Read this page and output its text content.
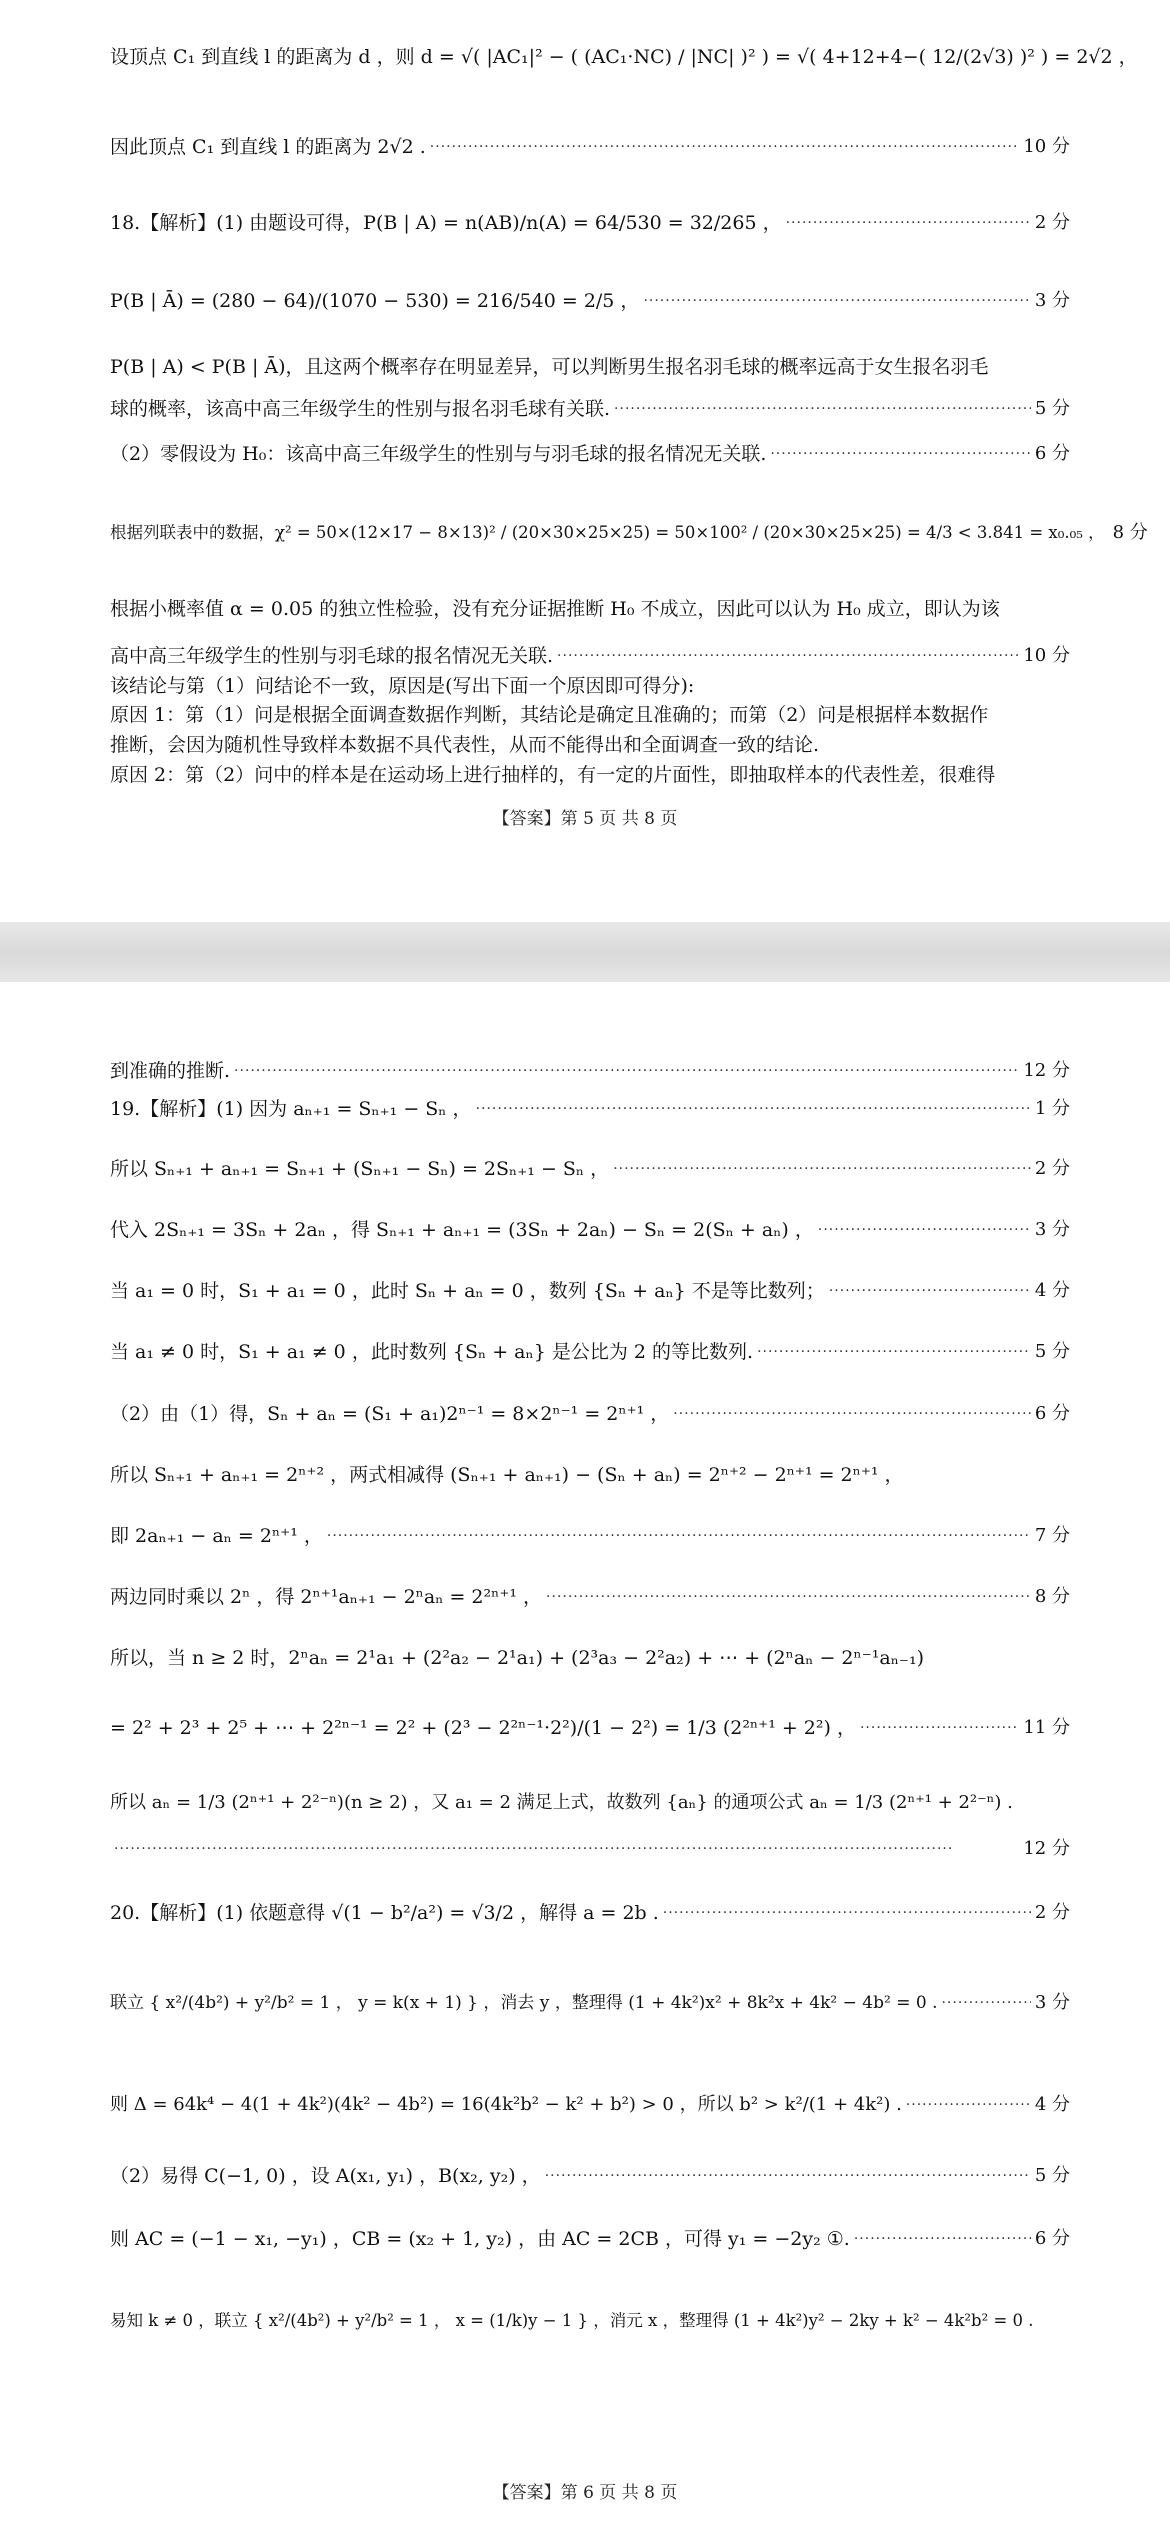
设顶点 C₁ 到直线 l 的距离为 d ，则 d = √( |AC₁|² − ( (AC₁·NC) / |NC| )² ) = √( 4+12+4−( 12/(2√3) )² ) = 2√2 ，
因此顶点 C₁ 到直线 l 的距离为 2√2 . ·····	10 分
18.【解析】(1) 由题设可得，P(B | A) = n(AB)/n(A) = 64/530 = 32/265 ， ·····	2 分
P(B | Ā) = (280 − 64)/(1070 − 530) = 216/540 = 2/5 ， ·····	3 分
P(B | A) < P(B | Ā)，且这两个概率存在明显差异，可以判断男生报名羽毛球的概率远高于女生报名羽毛
球的概率，该高中高三年级学生的性别与报名羽毛球有关联. ·····	5 分
（2）零假设为 H₀：该高中高三年级学生的性别与与羽毛球的报名情况无关联. ·····	6 分
根据列联表中的数据，χ² = 50×(12×17 − 8×13)² / (20×30×25×25) = 50×100² / (20×30×25×25) = 4/3 < 3.841 = x₀.₀₅ ， 8 分
根据小概率值 α = 0.05 的独立性检验，没有充分证据推断 H₀ 不成立，因此可以认为 H₀ 成立，即认为该
高中高三年级学生的性别与羽毛球的报名情况无关联. ·····	10 分
该结论与第（1）问结论不一致，原因是(写出下面一个原因即可得分):
原因 1：第（1）问是根据全面调查数据作判断，其结论是确定且准确的；而第（2）问是根据样本数据作
推断，会因为随机性导致样本数据不具代表性，从而不能得出和全面调查一致的结论.
原因 2：第（2）问中的样本是在运动场上进行抽样的，有一定的片面性，即抽取样本的代表性差，很难得
【答案】第 5 页 共 8 页
到准确的推断. ·····	12 分
19.【解析】(1) 因为 aₙ₊₁ = Sₙ₊₁ − Sₙ ， ·····	1 分
所以 Sₙ₊₁ + aₙ₊₁ = Sₙ₊₁ + (Sₙ₊₁ − Sₙ) = 2Sₙ₊₁ − Sₙ ， ·····	2 分
代入 2Sₙ₊₁ = 3Sₙ + 2aₙ ，得 Sₙ₊₁ + aₙ₊₁ = (3Sₙ + 2aₙ) − Sₙ = 2(Sₙ + aₙ) ， ·····	3 分
当 a₁ = 0 时，S₁ + a₁ = 0 ，此时 Sₙ + aₙ = 0 ，数列 {Sₙ + aₙ} 不是等比数列； ·····	4 分
当 a₁ ≠ 0 时，S₁ + a₁ ≠ 0 ，此时数列 {Sₙ + aₙ} 是公比为 2 的等比数列. ·····	5 分
（2）由（1）得，Sₙ + aₙ = (S₁ + a₁)2ⁿ⁻¹ = 8×2ⁿ⁻¹ = 2ⁿ⁺¹ ， ·····	6 分
所以 Sₙ₊₁ + aₙ₊₁ = 2ⁿ⁺² ，两式相减得 (Sₙ₊₁ + aₙ₊₁) − (Sₙ + aₙ) = 2ⁿ⁺² − 2ⁿ⁺¹ = 2ⁿ⁺¹ ，
即 2aₙ₊₁ − aₙ = 2ⁿ⁺¹ ， ·····	7 分
两边同时乘以 2ⁿ ，得 2ⁿ⁺¹aₙ₊₁ − 2ⁿaₙ = 2²ⁿ⁺¹ ， ·····	8 分
所以，当 n ≥ 2 时，2ⁿaₙ = 2¹a₁ + (2²a₂ − 2¹a₁) + (2³a₃ − 2²a₂) + ⋯ + (2ⁿaₙ − 2ⁿ⁻¹aₙ₋₁)
= 2² + 2³ + 2⁵ + ⋯ + 2²ⁿ⁻¹ = 2² + (2³ − 2²ⁿ⁻¹·2²)/(1 − 2²) = 1/3 (2²ⁿ⁺¹ + 2²) ， ·····	11 分
所以 aₙ = 1/3 (2ⁿ⁺¹ + 2²⁻ⁿ)(n ≥ 2) ，又 a₁ = 2 满足上式，故数列 {aₙ} 的通项公式 aₙ = 1/3 (2ⁿ⁺¹ + 2²⁻ⁿ) .
·····
12 分
20.【解析】(1) 依题意得 √(1 − b²/a²) = √3/2 ，解得 a = 2b . ·····	2 分
联立 { x²/(4b²) + y²/b² = 1 ， y = k(x + 1) } ，消去 y ，整理得 (1 + 4k²)x² + 8k²x + 4k² − 4b² = 0 . ·····	3 分
则 Δ = 64k⁴ − 4(1 + 4k²)(4k² − 4b²) = 16(4k²b² − k² + b²) > 0 ，所以 b² > k²/(1 + 4k²) . ·····	4 分
（2）易得 C(−1, 0) ，设 A(x₁, y₁) ，B(x₂, y₂) ， ·····	5 分
则 AC = (−1 − x₁, −y₁) ，CB = (x₂ + 1, y₂) ，由 AC = 2CB ，可得 y₁ = −2y₂ ①. ·····	6 分
易知 k ≠ 0 ，联立 { x²/(4b²) + y²/b² = 1 ， x = (1/k)y − 1 } ，消元 x ，整理得 (1 + 4k²)y² − 2ky + k² − 4k²b² = 0 .
【答案】第 6 页 共 8 页
